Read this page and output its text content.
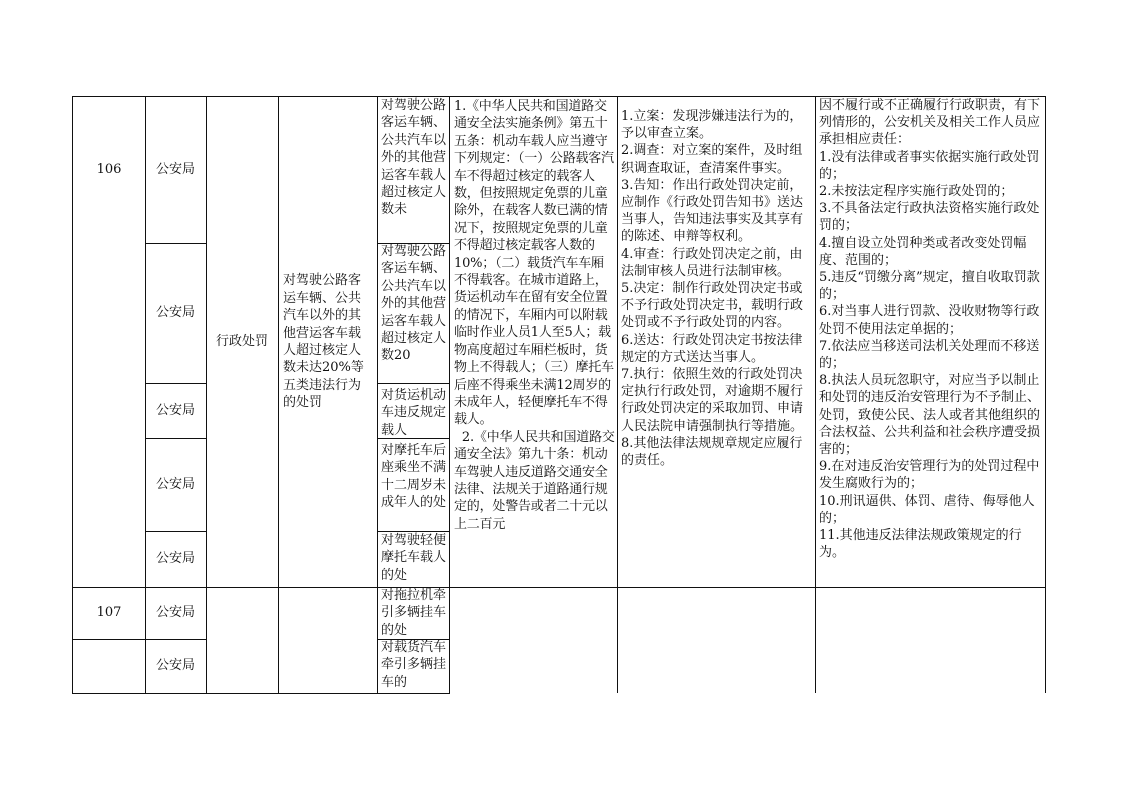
106
107
公安局
公安局
公安局
公安局
公安局
公安局
公安局
行政处罚
对驾驶公路客运车辆、公共汽车以外的其他营运客车载人超过核定人数未达20%等五类违法行为的处罚
对驾驶公路客运车辆、公共汽车以外的其他营运客车载人超过核定人数未
对驾驶公路客运车辆、公共汽车以外的其他营运客车载人超过核定人数20
对货运机动车违反规定载人
对摩托车后座乘坐不满十二周岁未成年人的处
对驾驶轻便摩托车载人的处
对拖拉机牵引多辆挂车的处
对载货汽车牵引多辆挂车的
1.《中华人民共和国道路交通安全法实施条例》第五十五条：机动车载人应当遵守下列规定：（一）公路载客汽车不得超过核定的载客人数，但按照规定免票的儿童除外，在载客人数已满的情况下，按照规定免票的儿童不得超过核定载客人数的10%；（二）载货汽车车厢不得载客。在城市道路上，货运机动车在留有安全位置的情况下，车厢内可以附载临时作业人员1人至5人；载物高度超过车厢栏板时，货物上不得载人；（三）摩托车后座不得乘坐未满12周岁的未成年人，轻便摩托车不得载人。
2.《中华人民共和国道路交通安全法》第九十条：机动车驾驶人违反道路交通安全法律、法规关于道路通行规定的，处警告或者二十元以上二百元
1.立案：发现涉嫌违法行为的，予以审查立案。
2.调查：对立案的案件，及时组织调查取证，查清案件事实。
3.告知：作出行政处罚决定前，应制作《行政处罚告知书》送达当事人，告知违法事实及其享有的陈述、申辩等权利。
4.审查：行政处罚决定之前，由法制审核人员进行法制审核。
5.决定：制作行政处罚决定书或不予行政处罚决定书，载明行政处罚或不予行政处罚的内容。
6.送达：行政处罚决定书按法律规定的方式送达当事人。
7.执行：依照生效的行政处罚决定执行行政处罚，对逾期不履行行政处罚决定的采取加罚、申请人民法院申请强制执行等措施。
8.其他法律法规规章规定应履行的责任。
因不履行或不正确履行行政职责，有下列情形的，公安机关及相关工作人员应承担相应责任：
1.没有法律或者事实依据实施行政处罚的；
2.未按法定程序实施行政处罚的；
3.不具备法定行政执法资格实施行政处罚的；
4.擅自设立处罚种类或者改变处罚幅度、范围的；
5.违反“罚缴分离”规定，擅自收取罚款的；
6.对当事人进行罚款、没收财物等行政处罚不使用法定单据的；
7.依法应当移送司法机关处理而不移送的；
8.执法人员玩忽职守，对应当予以制止和处罚的违反治安管理行为不予制止、处罚，致使公民、法人或者其他组织的合法权益、公共利益和社会秩序遭受损害的；
9.在对违反治安管理行为的处罚过程中发生腐败行为的；
10.刑讯逼供、体罚、虐待、侮辱他人的；
11.其他违反法律法规政策规定的行为。
